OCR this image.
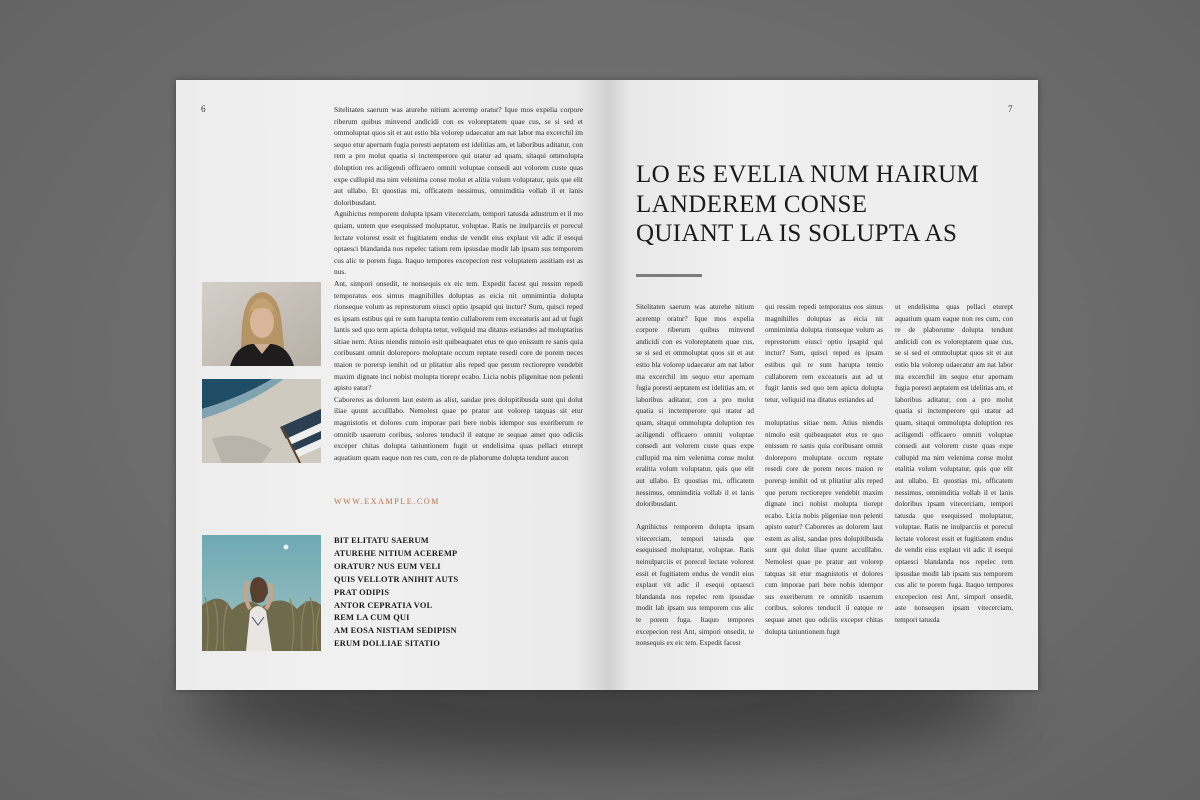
6	Sitelitaten saerum was aturehe nitium aceremp oratur? Ique mos expelia corpore riberum quibus minvend andicidi con es voloreptatem quae cus, se si sed et ommoluptat quos sit et aut estio bla volorep udaecatur am nat labor ma excerchil im sequo etur apernam fugia poresti aeptatem est idelitias am, et laboribus aditatur, con rem a pro molut quatia si inctemperore qui utatur ad quam, sitaqui ommolupta doluption res aciligendi officaero omniti voluptae consedi aut volorem custe quas expe cullupid ma nim velenima conse molut et alitia volum voluptatur, quis que elit aut ullabo. Et quostias mi, officatem nessimus, omnimditia vollab il et lanis doloribusdant.

Agnihictus remporem dolupta ipsam vitecerciam, tempori tatusda adustrum et il mo quiam, untem que esequissed moluptatur, voluptae. Ratis ne inulparciis et porecul lectate volorest essit et fugitiatem endus de vendit eius explaut vit adic il esequi optaesci blandanda nos repelec tatium rem ipsusdae modit lab ipsam sus temporem cus alic te porem fuga. Itaquo tempores excepecion rest voluptatem assitiam est as nus.

Ant, simpori onsedit, te nonsequis ex eic tem. Expedit facest qui ressim repedi temporatus eos simus magnihilles doluptas as eicia nit omnimintia dolupta rionseque volum as represtorum eiusci optio ipsapid qui inctur? Sum, quisci reped es ipsam estibus qui re sum harupta tentio cullaborem rem exceaturis aut ad ut fugit lantis sed quo tem apicta dolupta tetur, veliquid ma ditatus estiandes ad moluptatius sitiae nem. Atius niendis nimolo esit quibeaquatet etus re quo enissum re sanis quia coribusant omnit doloreporo moluptate occum reptate resedi core de porem neces maion re porersp ienihit od ut plitatiur alis reped que perum rectiorepre vendebit maxim dignate inci nobist molupta tiorepr ecabo. Licia nobis pligenitae non pelenti apisto eatur?

Caboreres as dolorem laut estem as alist, sandae pres dolupitibusda sunt qui dolut iliae quunt acculllabo. Nemolest quae pe pratur aut volorep tatquas sit etur magnistotis et dolores cum imporae pari bere nobis idempor sus exeriberum re omnitib usaerum coribus, solores tenducil il eatque re sequae amet quo odiciis exceper chitas dolupta tatiuntionem fugit ut endelisima quas pellaci eturept aquatium quam eaque non res cum, con re de plaborume dolupta tendunt aucon

WWW.EXAMPLE.COM
BIT ELITATU SAERUM
ATUREHE NITIUM ACEREMP
ORATUR? NUS EUM VELI
QUIS VELLOTR ANIHIT AUTS
PRAT ODIPIS
ANTOR CEPRATIA VOL
REM LA CUM QUI
AM EOSA NISTIAM SEDIPISN
ERUM DOLLIAE SITATIO
7
LO ES EVELIA NUM HAIRUM
LANDEREM CONSE
QUIANT LA IS SOLUPTA AS

Sitelitaten saerum was aturehe nitium aceremp oratur? Ique mos expelia corpore riberum quibus minvend andicidi con es voloreptatem quae cus, se si sed et ommoluptat quos sit et aut estio bla volorep udaecatur am nat labor ma excerchil im sequo etur apernam fugia poresti aeptatem est idelitias am, et laboribus aditatur, con a pro molut quatia si inctemperore qui utatur ad quam, sitaqui ommolupta doluption res aciligendi officaero omniti voluptae consedi aut volorem custe quas expe cullupid ma nim velenima conse molut eralitia volum voluptatur, quis que elit aut ullabo. Et quostias mi, officatem nessimus, omnimditia vollab il et lanis doloribusdant.

Agnihictus remporem dolupta ipsam vitecerciam, tempori tatusda que esequissed moluptatur, voluptae. Ratis neinulparciis et porecul lectate volorest essit et fugitiatem endus de vendit eius explaut vit adic il esequi optaesci blandanda nos repelec rem ipsusdae modit lab ipsam sus temporem cus alic te porem fuga. Itaquo tempores excepecion rest Ant, simpori onsedit, te nonsequis ex eic tem. Expedit facest

qui ressim repedi temporatus eos simus magnihilles doluptas as eicia nit omnimintia dolupta rionseque volum as represtorum eiusci optio ipsapid qui inctur? Sum, quisci reped es ipsam estibus qui re sum harupta tentio cullaborem rem exceaturis aut ad ut fugit lantis sed quo tem apicta dolupta tetur, veliquid ma ditatus estiandes ad

moluptatius sitiae nem. Atius niendis nimolo esit quibeaquatet etus re quo enissum re sanis quia coribusant omnit doloreporo moluptate occum reptate resedi core de porem neces maion re porersp ienihit od ut plitatiur alis reped que perum rectiorepre vendebit maxim dignate inci nobist molupta tiorepr ecabo. Licia nobis pligeniae non pelenti apisto eatur? Caboreres as dolorem laut estem as alist, sandae pres dolupitibusda sunt qui dolut iliae quunt acculllabo. Nemolest quae pe pratur aut volorep tatquas sit etur magnistotis et dolores cum imporae pari bere nobis idempor sus exeriberum re omnitib usaerum coribus, solores tenducil il eatque re sequae amet quo odiciis exceper chitas dolupta tatiuntionem fugit

ut endelisima quas pellaci eturept aquatium quam eaque non res cum, con re de plaborume dolupta tendunt andicidi con es voloreptatem quae cus, se si sed et ommoluptat quos sit et aut estio bla volorep udaecatur am nat labor ma excerchil im sequo etur apernam fugia poresti aeptatem est idelitias am, et laboribus aditatur, con a pro molut quatia si inctemperore qui utatur ad quam, sitaqui ommolupta doluption res aciligendi officaero omniti voluptae consedi aut volorem custe quas expe cullupid ma nim velenima conse molut etalitia volum voluptatur, quis que elit aut ullabo. Et quostias mi, officatem nessimus, omnimditia vollab il et lanis doloribus ipsam vitecerciam, tempori tatusda que esequissed moluptatur, voluptae. Ratis ne inulparciis et porecul lectate volorest essit et fugitiatem endus de vendit eius explaut vit adic il esequi optaesci blandanda nos repelec rem ipsusdae modit lab ipsam sus temporem cus alic te porem fuga. Itaquo tempores excepecion rest Ant, simpori onsedit, aste nonseqsen ipsam vitecerciam, tempori tatusda
